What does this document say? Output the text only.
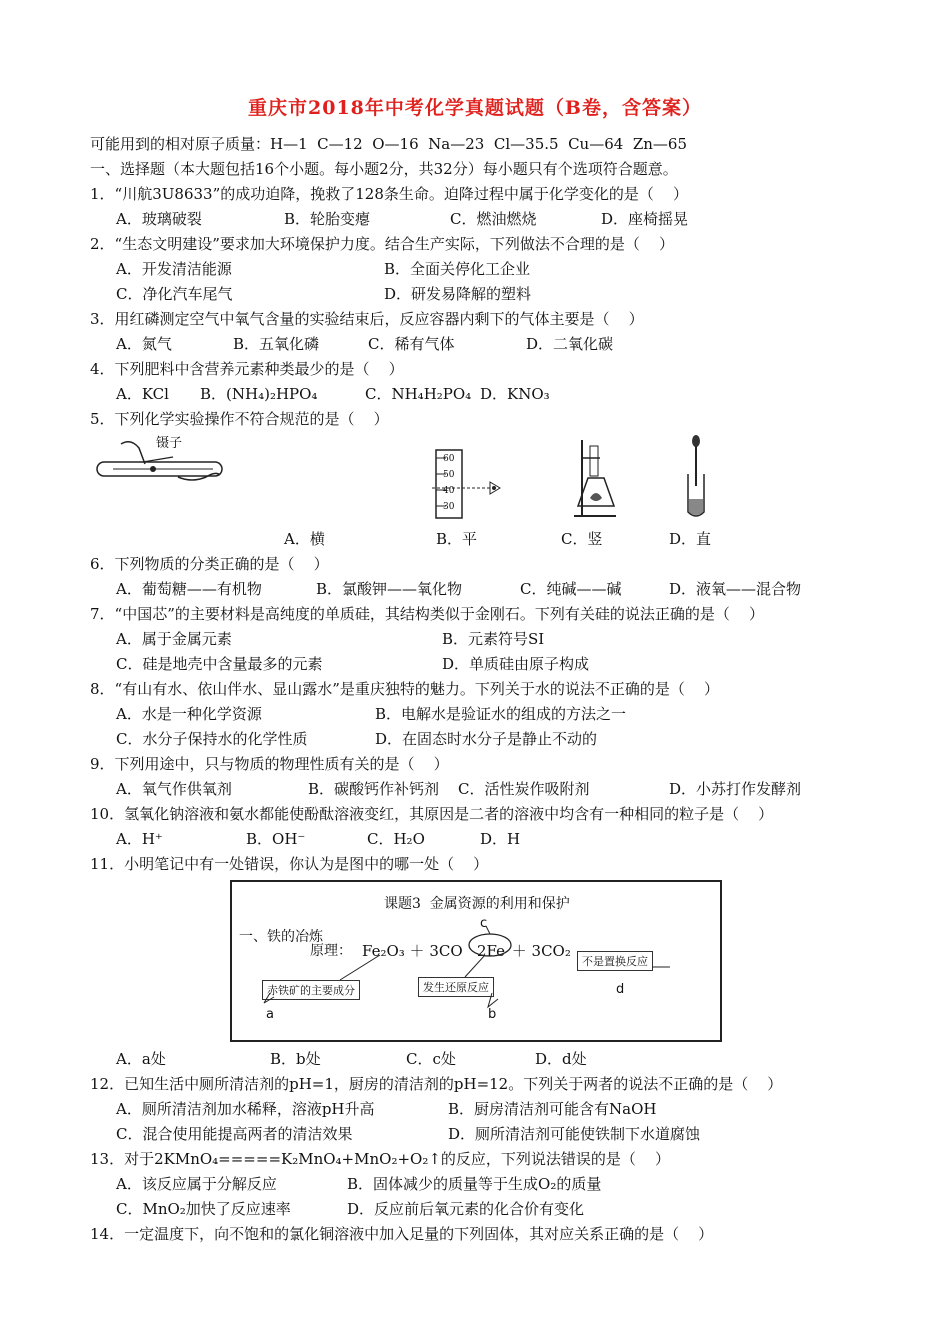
重庆市2018年中考化学真题试题（B卷，含答案）
可能用到的相对原子质量：H—1  C—12  O—16  Na—23  Cl—35.5  Cu—64  Zn—65
一、选择题（本大题包括16个小题。每小题2分，共32分）每小题只有个选项符合题意。
1．“川航3U8633”的成功迫降，挽救了128条生命。迫降过程中属于化学变化的是（    ）
A．玻璃破裂	B．轮胎变瘪	C．燃油燃烧	D．座椅摇晃
2．“生态文明建设”要求加大环境保护力度。结合生产实际，下列做法不合理的是（    ）
A．开发清洁能源	B．全面关停化工企业
C．净化汽车尾气	D．研发易降解的塑料
3．用红磷测定空气中氧气含量的实验结束后，反应容器内剩下的气体主要是（    ）
A．氮气	B．五氧化磷	C．稀有气体	D．二氧化碳
4．下列肥料中含营养元素种类最少的是（    ）
A．KCl B．(NH₄)₂HPO₄	C．NH₄H₂PO₄ D．KNO₃
5．下列化学实验操作不符合规范的是（    ）
镊子
60
50
40
30
A．横	B．平	C．竖	D．直
6．下列物质的分类正确的是（    ）
A．葡萄糖——有机物	B．氯酸钾——氧化物	C．纯碱——碱	D．液氧——混合物
7．“中国芯”的主要材料是高纯度的单质硅，其结构类似于金刚石。下列有关硅的说法正确的是（    ）
A．属于金属元素	B．元素符号SI
C．硅是地壳中含量最多的元素	D．单质硅由原子构成
8．“有山有水、依山伴水、显山露水”是重庆独特的魅力。下列关于水的说法不正确的是（    ）
A．水是一种化学资源	B．电解水是验证水的组成的方法之一
C．水分子保持水的化学性质	D．在固态时水分子是静止不动的
9．下列用途中，只与物质的物理性质有关的是（    ）
A．氧气作供氧剂	B．碳酸钙作补钙剂 C．活性炭作吸附剂	D．小苏打作发酵剂
10．氢氧化钠溶液和氨水都能使酚酞溶液变红，其原因是二者的溶液中均含有一种相同的粒子是（    ）
A．H⁺	B．OH⁻	C．H₂O	D．H
11．小明笔记中有一处错误，你认为是图中的哪一处（    ）
课题3  金属资源的利用和保护
一、铁的冶炼
原理： Fe₂O₃ ＋ 3CO 2Fe ＋ 3CO₂
c
赤铁矿的主要成分	发生还原反应
不是置换反应
a	b
d
A．a处	B．b处	C．c处	D．d处
12．已知生活中厕所清洁剂的pH=1，厨房的清洁剂的pH=12。下列关于两者的说法不正确的是（    ）
A．厕所清洁剂加水稀释，溶液pH升高	B．厨房清洁剂可能含有NaOH
C．混合使用能提高两者的清洁效果	D．厕所清洁剂可能使铁制下水道腐蚀
13．对于2KMnO₄=====K₂MnO₄+MnO₂+O₂↑的反应，下列说法错误的是（    ）
A．该反应属于分解反应	B．固体减少的质量等于生成O₂的质量
C．MnO₂加快了反应速率	D．反应前后氧元素的化合价有变化
14．一定温度下，向不饱和的氯化铜溶液中加入足量的下列固体，其对应关系正确的是（    ）
